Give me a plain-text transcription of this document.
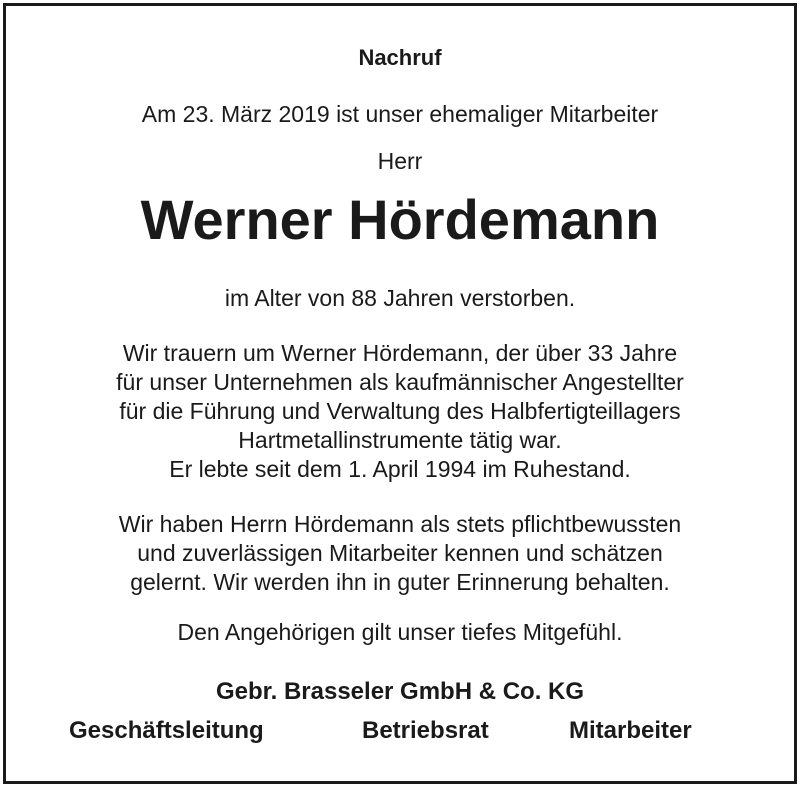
Nachruf
Am 23. März 2019 ist unser ehemaliger Mitarbeiter
Herr
Werner Hördemann
im Alter von 88 Jahren verstorben.
Wir trauern um Werner Hördemann, der über 33 Jahre
für unser Unternehmen als kaufmännischer Angestellter
für die Führung und Verwaltung des Halbfertigteillagers
Hartmetallinstrumente tätig war.
Er lebte seit dem 1. April 1994 im Ruhestand.
Wir haben Herrn Hördemann als stets pflichtbewussten
und zuverlässigen Mitarbeiter kennen und schätzen
gelernt. Wir werden ihn in guter Erinnerung behalten.
Den Angehörigen gilt unser tiefes Mitgefühl.
Gebr. Brasseler GmbH & Co. KG
Geschäftsleitung	Betriebsrat	Mitarbeiter
